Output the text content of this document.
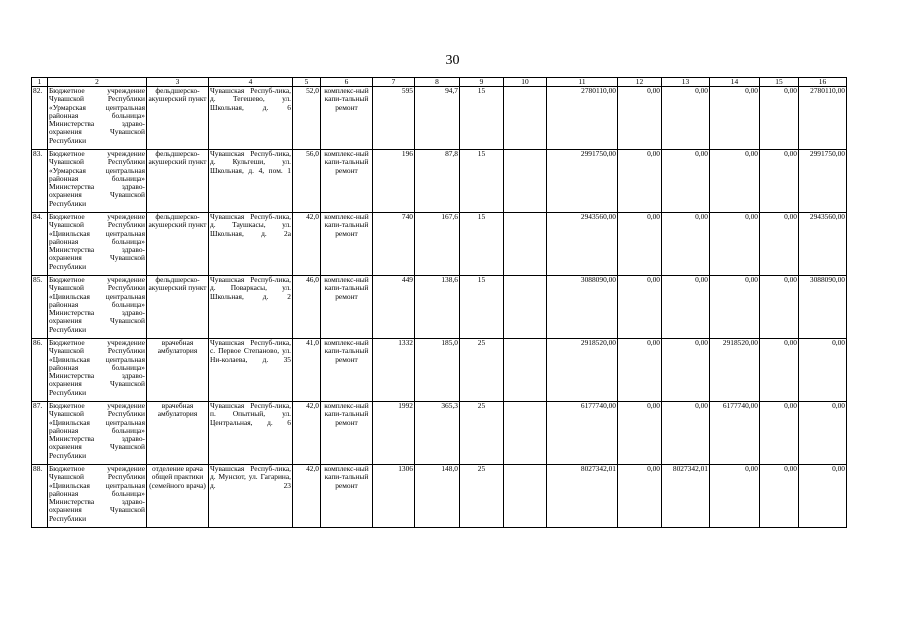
30
1	2	3	4	5	6	7	8	9	10	11	12	13	14	15	16
82.	Бюджетное учреждение Чувашской Республики «Урмарская центральная районная больница» Министерства здраво-охранения Чувашской Республики	фельдшерско-акушерский пункт	Чувашская Респуб-лика, д. Тегешево, ул. Школьная, д. 6	52,0	комплекс-ный капи-тальный ремонт	595	94,7	15		2780110,00	0,00	0,00	0,00	0,00	2780110,00
83.	Бюджетное учреждение Чувашской Республики «Урмарская центральная районная больница» Министерства здраво-охранения Чувашской Республики	фельдшерско-акушерский пункт	Чувашская Респуб-лика, д. Кульгеши, ул. Школьная, д. 4, пом. 1	56,0	комплекс-ный капи-тальный ремонт	196	87,8	15		2991750,00	0,00	0,00	0,00	0,00	2991750,00
84.	Бюджетное учреждение Чувашской Республики «Цивильская центральная районная больница» Министерства здраво-охранения Чувашской Республики	фельдшерско-акушерский пункт	Чувашская Респуб-лика, д. Таушкасы, ул. Школьная, д. 2а	42,0	комплекс-ный капи-тальный ремонт	740	167,6	15		2943560,00	0,00	0,00	0,00	0,00	2943560,00
85.	Бюджетное учреждение Чувашской Республики «Цивильская центральная районная больница» Министерства здраво-охранения Чувашской Республики	фельдшерско-акушерский пункт	Чувашская Респуб-лика, д. Поваркасы, ул. Школьная, д. 2	46,0	комплекс-ный капи-тальный ремонт	449	138,6	15		3088090,00	0,00	0,00	0,00	0,00	3088090,00
86.	Бюджетное учреждение Чувашской Республики «Цивильская центральная районная больница» Министерства здраво-охранения Чувашской Республики	врачебная амбулатория	Чувашская Респуб-лика, с. Первое Степаново, ул. Ни-колаева, д. 35	41,0	комплекс-ный капи-тальный ремонт	1332	185,0	25		2918520,00	0,00	0,00	2918520,00	0,00	0,00
87.	Бюджетное учреждение Чувашской Республики «Цивильская центральная районная больница» Министерства здраво-охранения Чувашской Республики	врачебная амбулатория	Чувашская Респуб-лика, п. Опытный, ул. Центральная, д. 6	42,0	комплекс-ный капи-тальный ремонт	1992	365,3	25		6177740,00	0,00	0,00	6177740,00	0,00	0,00
88.	Бюджетное учреждение Чувашской Республики «Цивильская центральная районная больница» Министерства здраво-охранения Чувашской Республики	отделение врача общей практики (семейного врача)	Чувашская Респуб-лика, д. Мунсют, ул. Гагарина, д. 23	42,0	комплекс-ный капи-тальный ремонт	1306	148,0	25		8027342,01	0,00	8027342,01	0,00	0,00	0,00
